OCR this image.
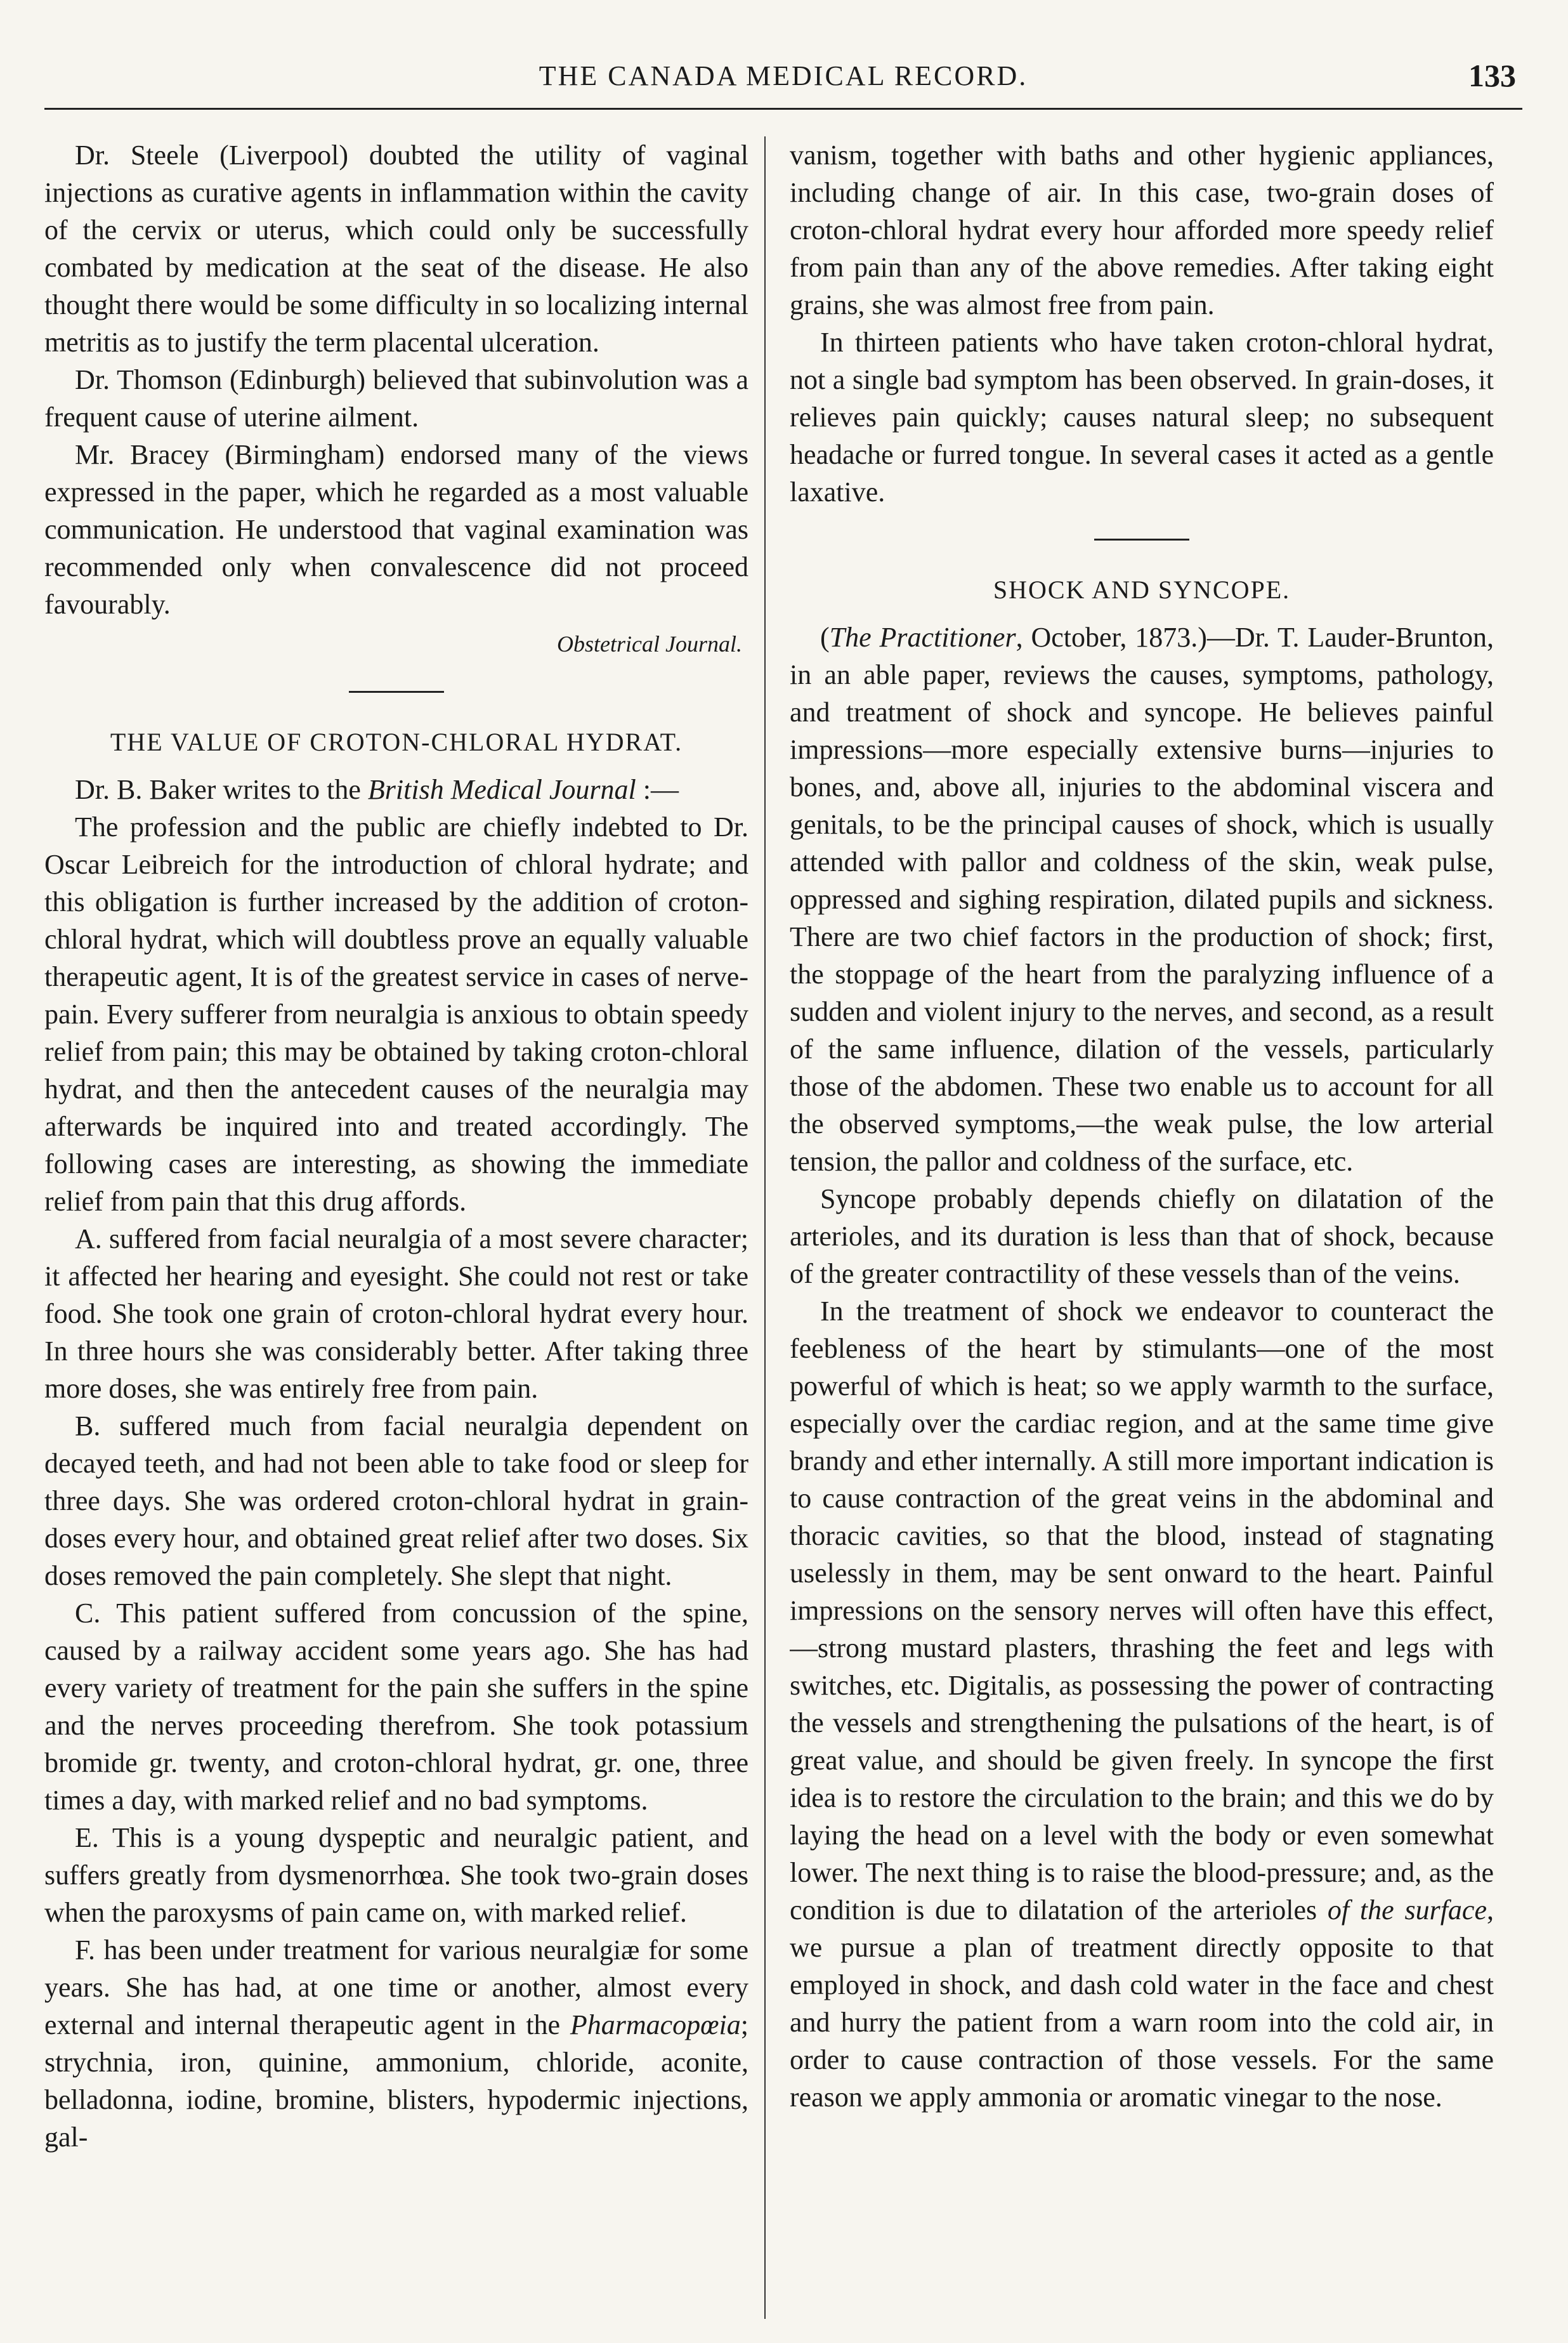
THE CANADA MEDICAL RECORD.	133

Dr. Steele (Liverpool) doubted the utility of vaginal injections as curative agents in inflammation within the cavity of the cervix or uterus, which could only be successfully combated by medication at the seat of the disease. He also thought there would be some difficulty in so localizing internal metritis as to justify the term placental ulceration.

Dr. Thomson (Edinburgh) believed that subinvolution was a frequent cause of uterine ailment.

Mr. Bracey (Birmingham) endorsed many of the views expressed in the paper, which he regarded as a most valuable communication. He understood that vaginal examination was recommended only when convalescence did not proceed favourably.

Obstetrical Journal.

THE VALUE OF CROTON-CHLORAL HYDRAT.

Dr. B. Baker writes to the British Medical Journal :—

The profession and the public are chiefly indebted to Dr. Oscar Leibreich for the introduction of chloral hydrate; and this obligation is further increased by the addition of croton-chloral hydrat, which will doubtless prove an equally valuable therapeutic agent, It is of the greatest service in cases of nerve-pain. Every sufferer from neuralgia is anxious to obtain speedy relief from pain; this may be obtained by taking croton-chloral hydrat, and then the antecedent causes of the neuralgia may afterwards be inquired into and treated accordingly. The following cases are interesting, as showing the immediate relief from pain that this drug affords.

A. suffered from facial neuralgia of a most severe character; it affected her hearing and eyesight. She could not rest or take food. She took one grain of croton-chloral hydrat every hour. In three hours she was considerably better. After taking three more doses, she was entirely free from pain.

B. suffered much from facial neuralgia dependent on decayed teeth, and had not been able to take food or sleep for three days. She was ordered croton-chloral hydrat in grain-doses every hour, and obtained great relief after two doses. Six doses removed the pain completely. She slept that night.

C. This patient suffered from concussion of the spine, caused by a railway accident some years ago. She has had every variety of treatment for the pain she suffers in the spine and the nerves proceeding therefrom. She took potassium bromide gr. twenty, and croton-chloral hydrat, gr. one, three times a day, with marked relief and no bad symptoms.

E. This is a young dyspeptic and neuralgic patient, and suffers greatly from dysmenorrhœa. She took two-grain doses when the paroxysms of pain came on, with marked relief.

F. has been under treatment for various neuralgiæ for some years. She has had, at one time or another, almost every external and internal therapeutic agent in the Pharmacopœia; strychnia, iron, quinine, ammonium, chloride, aconite, belladonna, iodine, bromine, blisters, hypodermic injections, gal-

vanism, together with baths and other hygienic appliances, including change of air. In this case, two-grain doses of croton-chloral hydrat every hour afforded more speedy relief from pain than any of the above remedies. After taking eight grains, she was almost free from pain.

In thirteen patients who have taken croton-chloral hydrat, not a single bad symptom has been observed. In grain-doses, it relieves pain quickly; causes natural sleep; no subsequent headache or furred tongue. In several cases it acted as a gentle laxative.

SHOCK AND SYNCOPE.

(The Practitioner, October, 1873.)—Dr. T. Lauder-Brunton, in an able paper, reviews the causes, symptoms, pathology, and treatment of shock and syncope. He believes painful impressions—more especially extensive burns—injuries to bones, and, above all, injuries to the abdominal viscera and genitals, to be the principal causes of shock, which is usually attended with pallor and coldness of the skin, weak pulse, oppressed and sighing respiration, dilated pupils and sickness. There are two chief factors in the production of shock; first, the stoppage of the heart from the paralyzing influence of a sudden and violent injury to the nerves, and second, as a result of the same influence, dilation of the vessels, particularly those of the abdomen. These two enable us to account for all the observed symptoms,—the weak pulse, the low arterial tension, the pallor and coldness of the surface, etc.

Syncope probably depends chiefly on dilatation of the arterioles, and its duration is less than that of shock, because of the greater contractility of these vessels than of the veins.

In the treatment of shock we endeavor to counteract the feebleness of the heart by stimulants—one of the most powerful of which is heat; so we apply warmth to the surface, especially over the cardiac region, and at the same time give brandy and ether internally. A still more important indication is to cause contraction of the great veins in the abdominal and thoracic cavities, so that the blood, instead of stagnating uselessly in them, may be sent onward to the heart. Painful impressions on the sensory nerves will often have this effect,—strong mustard plasters, thrashing the feet and legs with switches, etc. Digitalis, as possessing the power of contracting the vessels and strengthening the pulsations of the heart, is of great value, and should be given freely. In syncope the first idea is to restore the circulation to the brain; and this we do by laying the head on a level with the body or even somewhat lower. The next thing is to raise the blood-pressure; and, as the condition is due to dilatation of the arterioles of the surface, we pursue a plan of treatment directly opposite to that employed in shock, and dash cold water in the face and chest and hurry the patient from a warn room into the cold air, in order to cause contraction of those vessels. For the same reason we apply ammonia or aromatic vinegar to the nose.
